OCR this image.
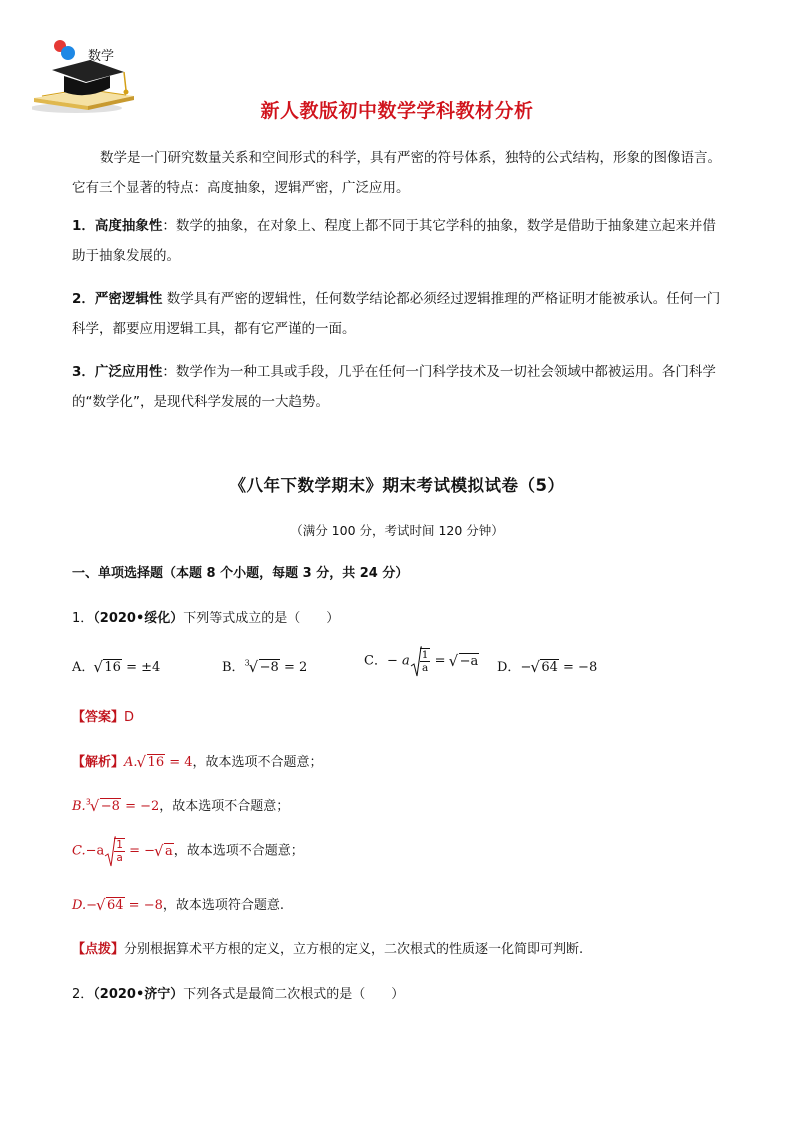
数学
新人教版初中数学学科教材分析
数学是一门研究数量关系和空间形式的科学，具有严密的符号体系，独特的公式结构，形象的图像语言。它有三个显著的特点：高度抽象，逻辑严密，广泛应用。
1．高度抽象性：数学的抽象，在对象上、程度上都不同于其它学科的抽象，数学是借助于抽象建立起来并借助于抽象发展的。
2．严密逻辑性 数学具有严密的逻辑性，任何数学结论都必须经过逻辑推理的严格证明才能被承认。任何一门科学，都要应用逻辑工具，都有它严谨的一面。
3．广泛应用性：数学作为一种工具或手段，几乎在任何一门科学技术及一切社会领域中都被运用。各门科学的“数学化”，是现代科学发展的一大趋势。
《八年下数学期末》期末考试模拟试卷（5）
（满分 100 分，考试时间 120 分钟）
一、单项选择题（本题 8 个小题，每题 3 分，共 24 分）
1．（2020•绥化）下列等式成立的是（　　）
A． √ 16 = ±4	B．$^3$ √ −8 = 2	C．− a $\frac{1}{a}$ = √ −a D．− √ 64 = −8
【答案】D
【解析】A. √ 16 = 4，故本选项不合题意；
B.$^3$ √ −8 = −2，故本选项不合题意；
$C.-a \frac{1}{a}$ = − √ a，故本选项不合题意；
D.− √ 64 = −8，故本选项符合题意.
【点拨】分别根据算术平方根的定义，立方根的定义，二次根式的性质逐一化简即可判断.
2．（2020•济宁）下列各式是最简二次根式的是（　　）
